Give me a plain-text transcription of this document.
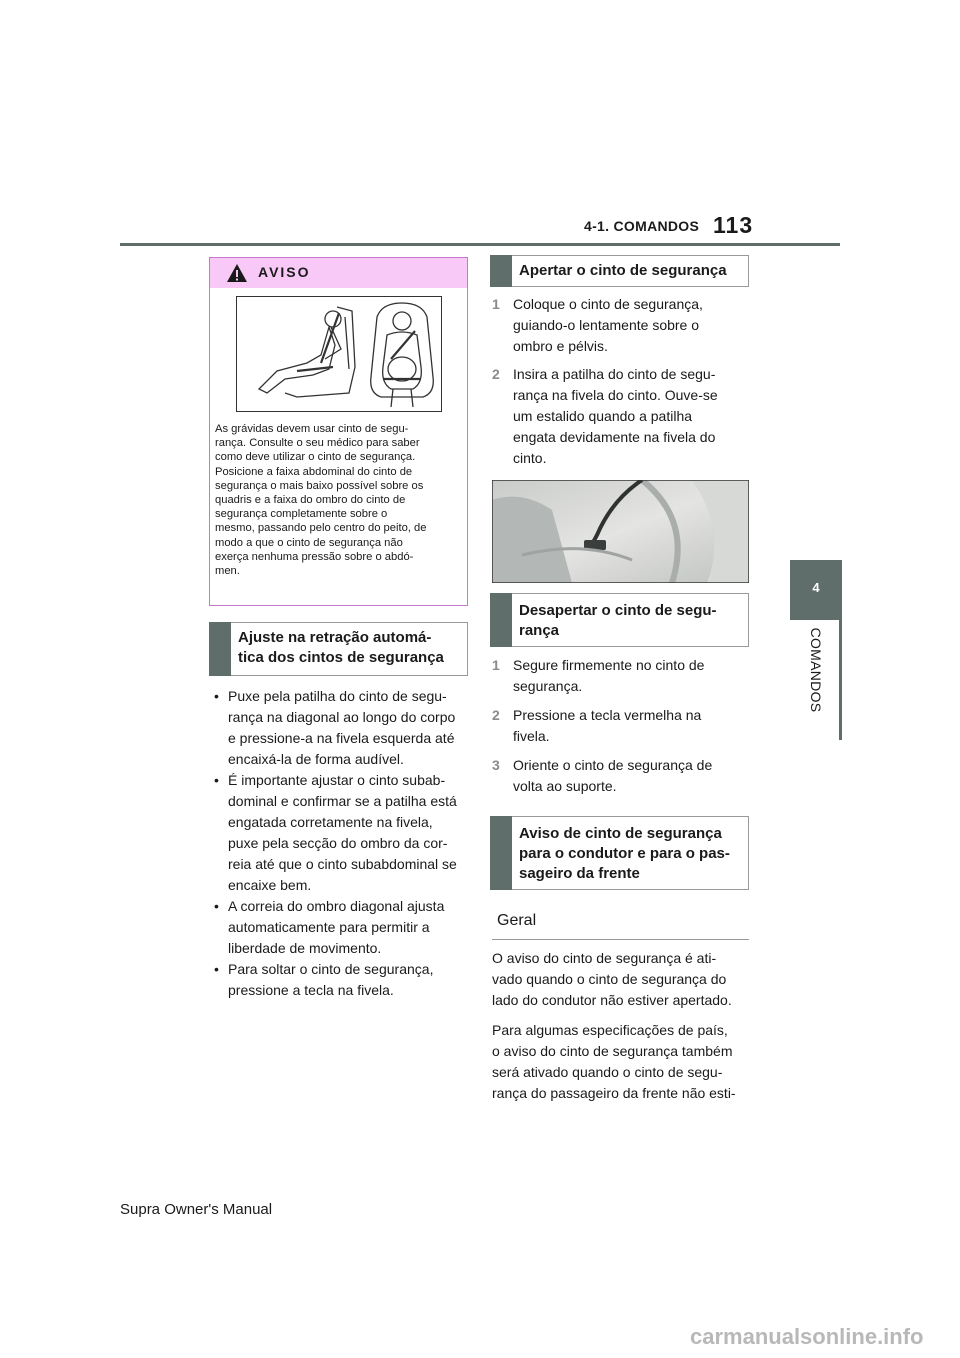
4-1. COMANDOS 113
4
COMANDOS
AVISO
As grávidas devem usar cinto de segu-
rança. Consulte o seu médico para saber
como deve utilizar o cinto de segurança.
Posicione a faixa abdominal do cinto de
segurança o mais baixo possível sobre os
quadris e a faixa do ombro do cinto de
segurança completamente sobre o
mesmo, passando pelo centro do peito, de
modo a que o cinto de segurança não
exerça nenhuma pressão sobre o abdó-
men.
Ajuste na retração automá-
tica dos cintos de segurança
• Puxe pela patilha do cinto de segu-
rança na diagonal ao longo do corpo
e pressione-a na fivela esquerda até
encaixá-la de forma audível.
• É importante ajustar o cinto subab-
dominal e confirmar se a patilha está
engatada corretamente na fivela,
puxe pela secção do ombro da cor-
reia até que o cinto subabdominal se
encaixe bem.
• A correia do ombro diagonal ajusta
automaticamente para permitir a
liberdade de movimento.
• Para soltar o cinto de segurança,
pressione a tecla na fivela.
Apertar o cinto de segurança
1 Coloque o cinto de segurança,
guiando-o lentamente sobre o
ombro e pélvis.
2 Insira a patilha do cinto de segu-
rança na fivela do cinto. Ouve-se
um estalido quando a patilha
engata devidamente na fivela do
cinto.
Desapertar o cinto de segu-
rança
1 Segure firmemente no cinto de
segurança.
2 Pressione a tecla vermelha na
fivela.
3 Oriente o cinto de segurança de
volta ao suporte.
Aviso de cinto de segurança
para o condutor e para o pas-
sageiro da frente
Geral
O aviso do cinto de segurança é ati-
vado quando o cinto de segurança do
lado do condutor não estiver apertado.
Para algumas especificações de país,
o aviso do cinto de segurança também
será ativado quando o cinto de segu-
rança do passageiro da frente não esti-
Supra Owner's Manual
carmanualsonline.info
